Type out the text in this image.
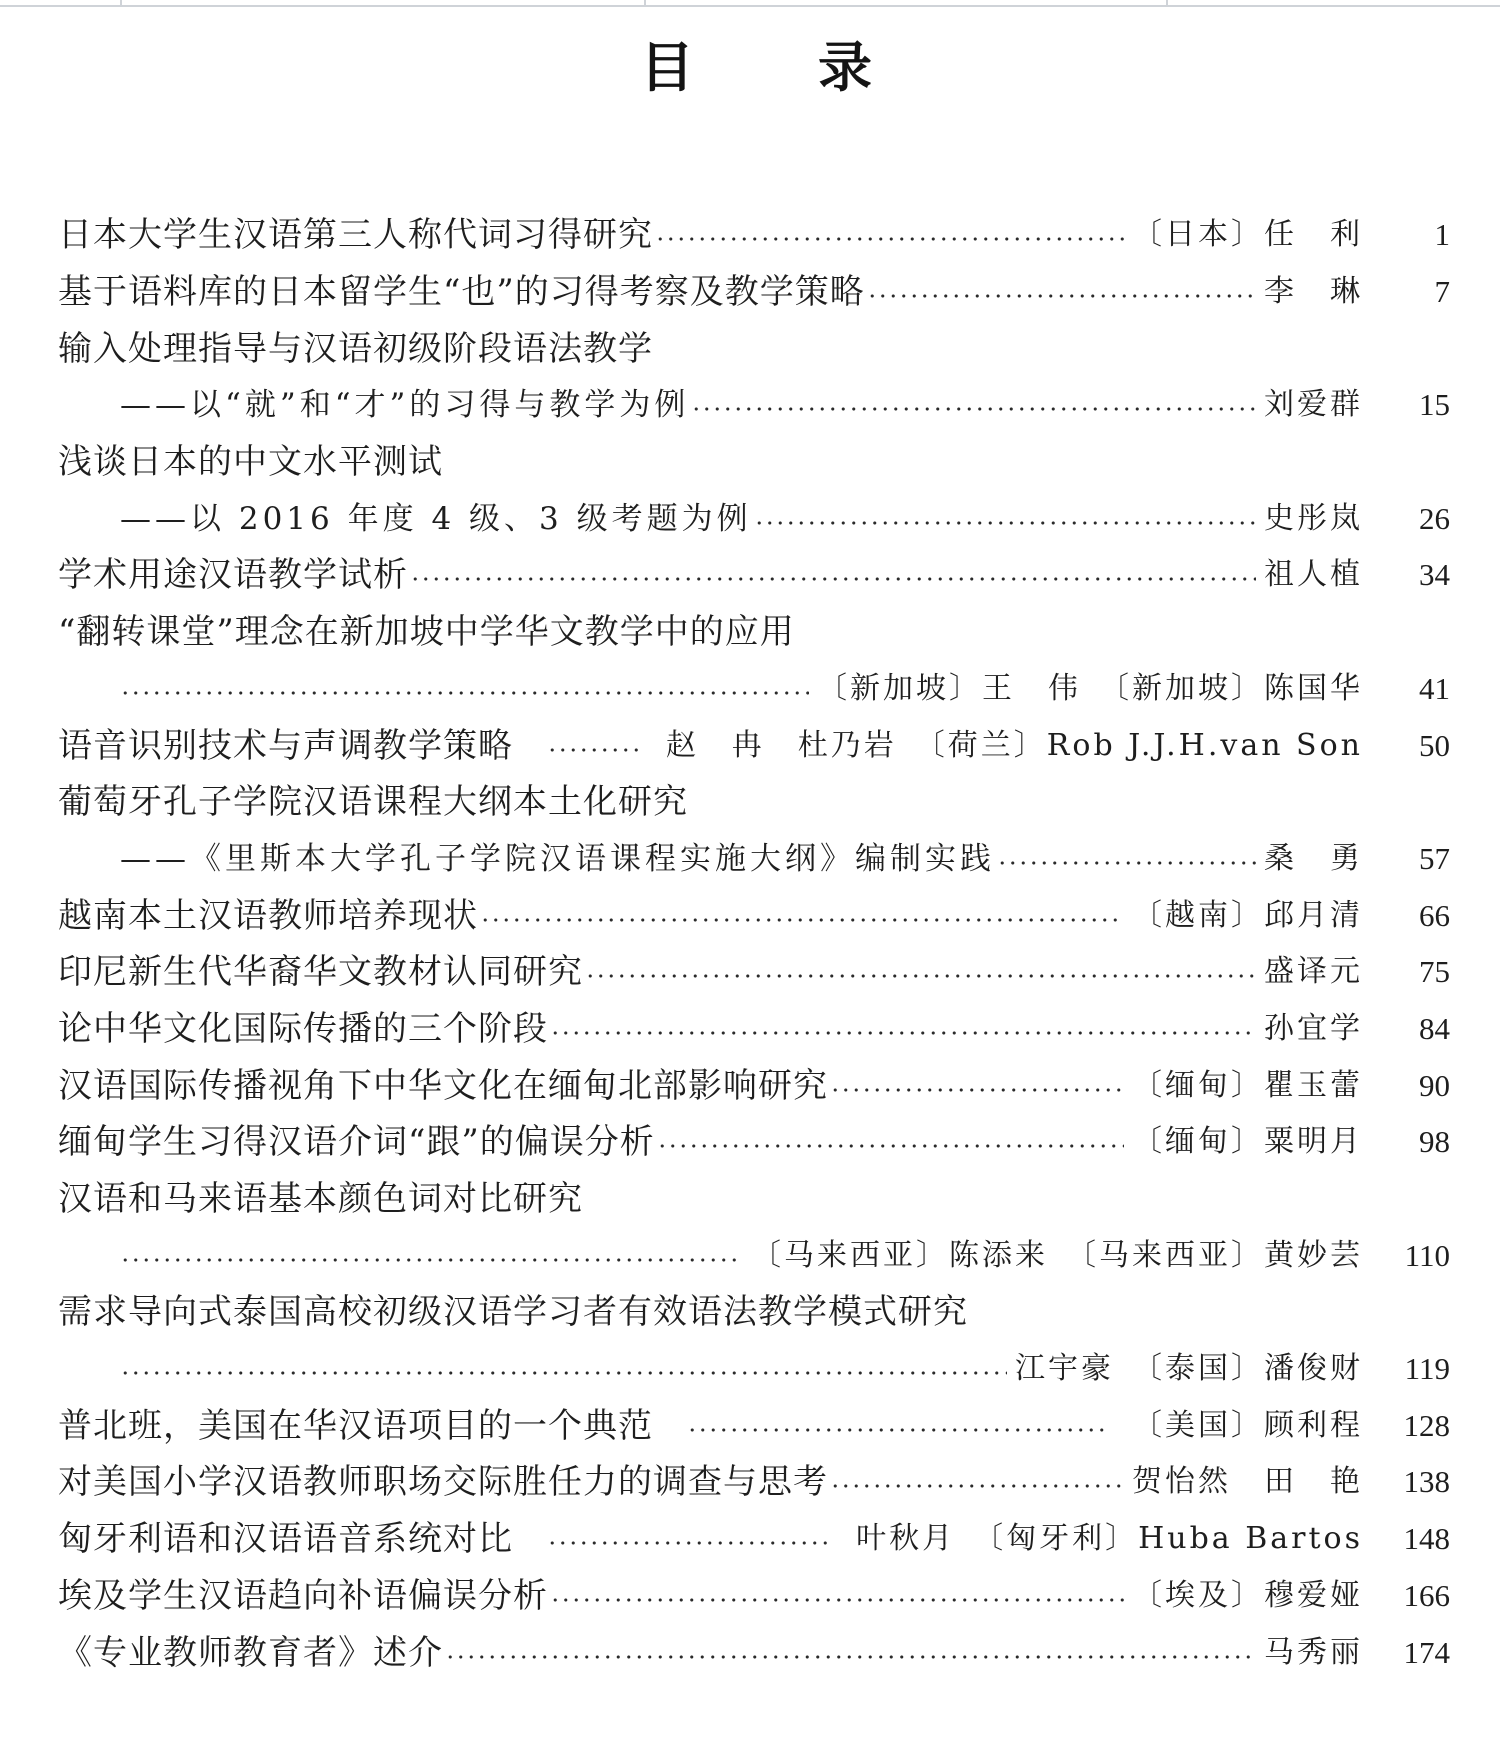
目　录
日本大学生汉语第三人称代词习得研究	〔日本〕任　利	1
基于语料库的日本留学生“也”的习得考察及教学策略	李　琳	7
输入处理指导与汉语初级阶段语法教学
——以“就”和“才”的习得与教学为例	刘爱群	15
浅谈日本的中文水平测试
——以 2016 年度 4 级、3 级考题为例	史彤岚	26
学术用途汉语教学试析	祖人植	34
“翻转课堂”理念在新加坡中学华文教学中的应用
〔新加坡〕王　伟　〔新加坡〕陈国华	41
语音识别技术与声调教学策略	赵　冉　杜乃岩　〔荷兰〕Rob J.J.H.van Son	50
葡萄牙孔子学院汉语课程大纲本土化研究
——《里斯本大学孔子学院汉语课程实施大纲》编制实践	桑　勇	57
越南本土汉语教师培养现状	〔越南〕邱月清	66
印尼新生代华裔华文教材认同研究	盛译元	75
论中华文化国际传播的三个阶段	孙宜学	84
汉语国际传播视角下中华文化在缅甸北部影响研究	〔缅甸〕瞿玉蕾	90
缅甸学生习得汉语介词“跟”的偏误分析	〔缅甸〕粟明月	98
汉语和马来语基本颜色词对比研究
〔马来西亚〕陈添来　〔马来西亚〕黄妙芸	110
需求导向式泰国高校初级汉语学习者有效语法教学模式研究
江宇豪　〔泰国〕潘俊财	119
普北班，美国在华汉语项目的一个典范	〔美国〕顾利程	128
对美国小学汉语教师职场交际胜任力的调查与思考	贺怡然　田　艳	138
匈牙利语和汉语语音系统对比	叶秋月　〔匈牙利〕Huba Bartos	148
埃及学生汉语趋向补语偏误分析	〔埃及〕穆爱娅	166
《专业教师教育者》述介	马秀丽	174
